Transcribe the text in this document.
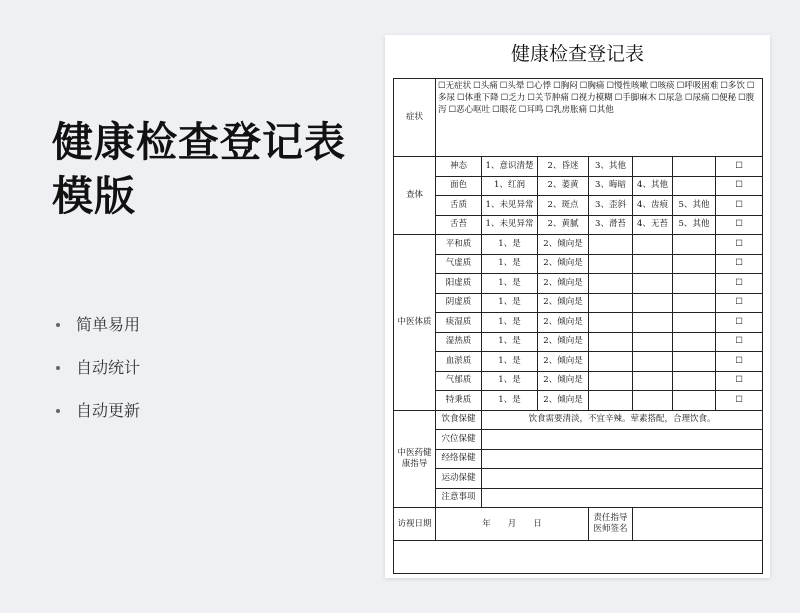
健康检查登记表模版
简单易用
自动统计
自动更新
健康检查登记表
症状	☐ 无症状 ☐ 头痛 ☐ 头晕 ☐ 心悸 ☐ 胸闷 ☐ 胸痛 ☐ 慢性咳嗽 ☐ 咳痰 ☐ 呼吸困难 ☐ 多饮☐ 多尿 ☐ 体重下降 ☐ 乏力 ☐ 关节肿痛 ☐ 视力模糊 ☐ 手脚麻木 ☐ 尿急 ☐ 尿痛 ☐ 便秘 ☐ 腹泻 ☐ 恶心呕吐 ☐ 眼花 ☐ 耳鸣 ☐ 乳房胀痛 ☐ 其他
查体	神态	1、意识清楚	2、昏迷	3、其他			☐
	面色	1、红润	2、萎黄	3、晦暗	4、其他		☐
	舌质	1、未见异常	2、斑点	3、歪斜	4、齿痕	5、其他	☐
	舌苔	1、未见异常	2、黄腻	3、滑苔	4、无苔	5、其他	☐
中医体质	平和质	1、是	2、倾向是				☐
	气虚质	1、是	2、倾向是				☐
	阳虚质	1、是	2、倾向是				☐
	阴虚质	1、是	2、倾向是				☐
	痰湿质	1、是	2、倾向是				☐
	湿热质	1、是	2、倾向是				☐
	血淤质	1、是	2、倾向是				☐
	气郁质	1、是	2、倾向是				☐
	特秉质	1、是	2、倾向是				☐
中医药健康指导	饮食保健	饮食需要清淡，不宜辛辣。荤素搭配，合理饮食。					
	穴位保健						
	经络保健						
	运动保健						
	注意事项						
访视日期	年　　月　　日			责任指导医师签名			
